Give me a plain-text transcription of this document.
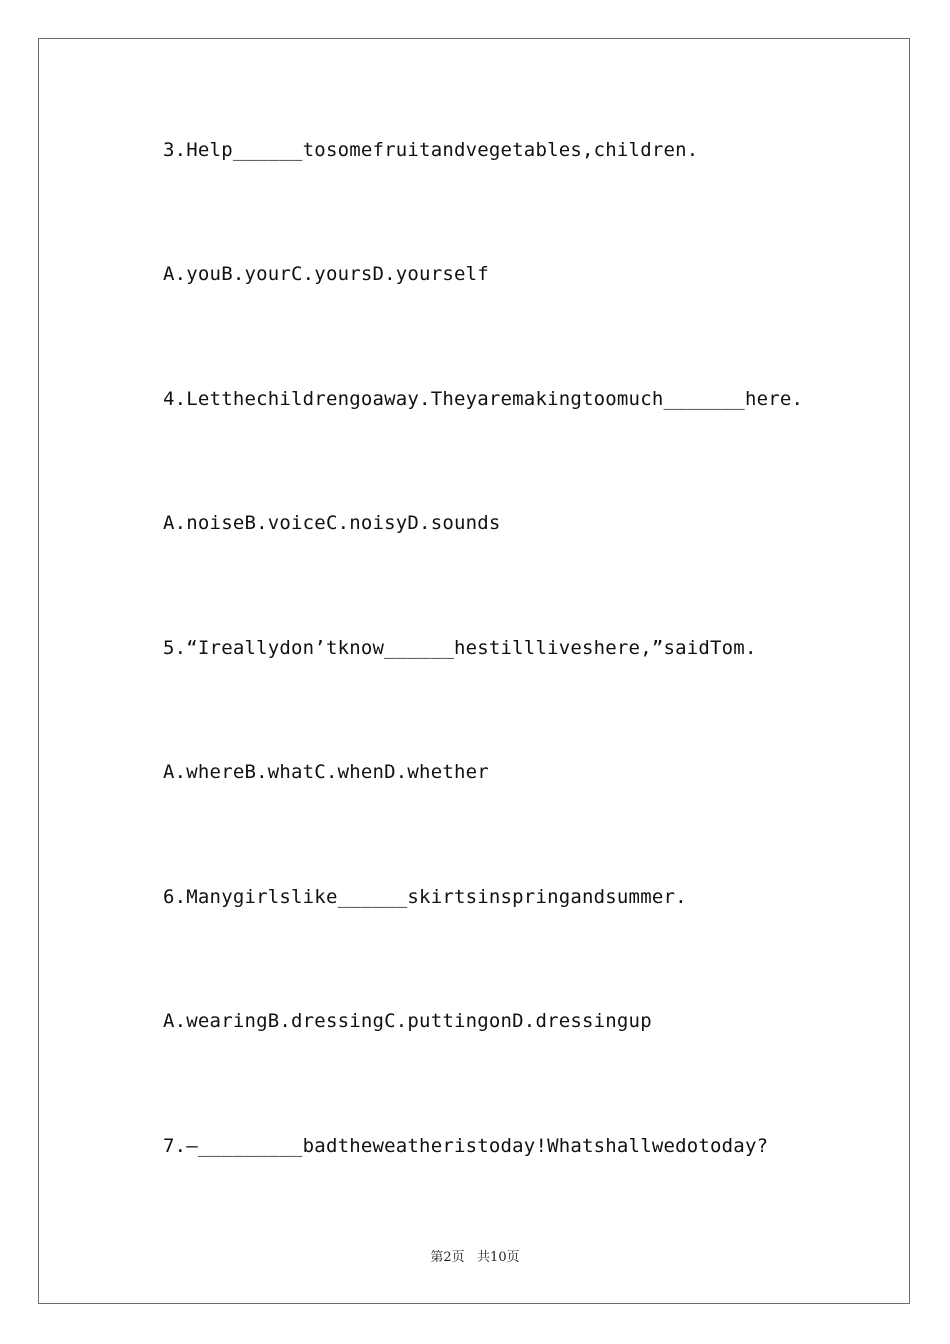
3.Help______tosomefruitandvegetables,children.

A.youB.yourC.yoursD.yourself

4.Letthechildrengoaway.Theyaremakingtoomuch_______here.

A.noiseB.voiceC.noisyD.sounds

5.“Ireallydon’tknow______hestillliveshere,”saidTom.

A.whereB.whatC.whenD.whether

6.Manygirlslike______skirtsinspringandsummer.

A.wearingB.dressingC.puttingonD.dressingup

7.—_________badtheweatheristoday!Whatshallwedotoday?

第2页   共10页
